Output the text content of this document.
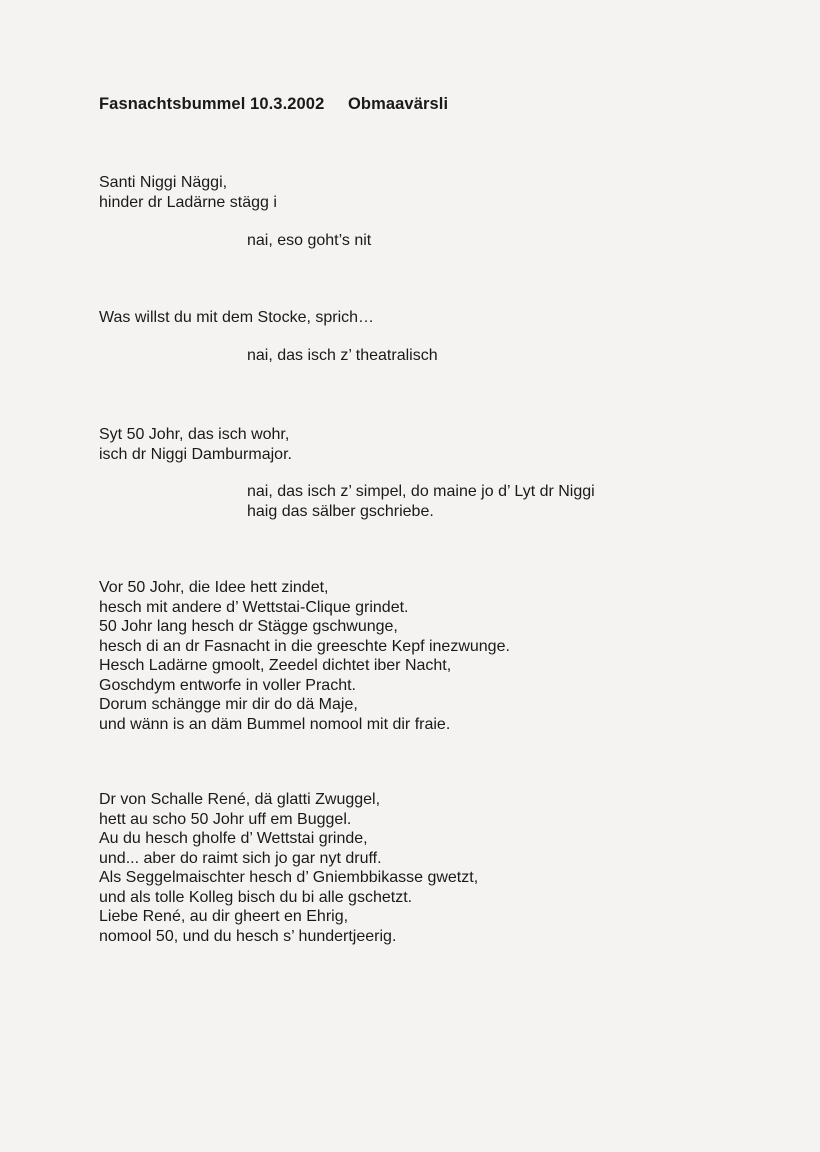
Fasnachtsbummel 10.3.2002 Obmaavärsli
Santi Niggi Näggi,
hinder dr Ladärne stägg i
nai, eso goht’s nit
Was willst du mit dem Stocke, sprich…
nai, das isch z’ theatralisch
Syt 50 Johr, das isch wohr,
isch dr Niggi Damburmajor.
nai, das isch z’ simpel, do maine jo d’ Lyt dr Niggi
haig das sälber gschriebe.
Vor 50 Johr, die Idee hett zindet,
hesch mit andere d’ Wettstai-Clique grindet.
50 Johr lang hesch dr Stägge gschwunge,
hesch di an dr Fasnacht in die greeschte Kepf inezwunge.
Hesch Ladärne gmoolt, Zeedel dichtet iber Nacht,
Goschdym entworfe in voller Pracht.
Dorum schängge mir dir do dä Maje,
und wänn is an däm Bummel nomool mit dir fraie.
Dr von Schalle René, dä glatti Zwuggel,
hett au scho 50 Johr uff em Buggel.
Au du hesch gholfe d’ Wettstai grinde,
und... aber do raimt sich jo gar nyt druff.
Als Seggelmaischter hesch d’ Gniembbikasse gwetzt,
und als tolle Kolleg bisch du bi alle gschetzt.
Liebe René, au dir gheert en Ehrig,
nomool 50, und du hesch s’ hundertjeerig.
